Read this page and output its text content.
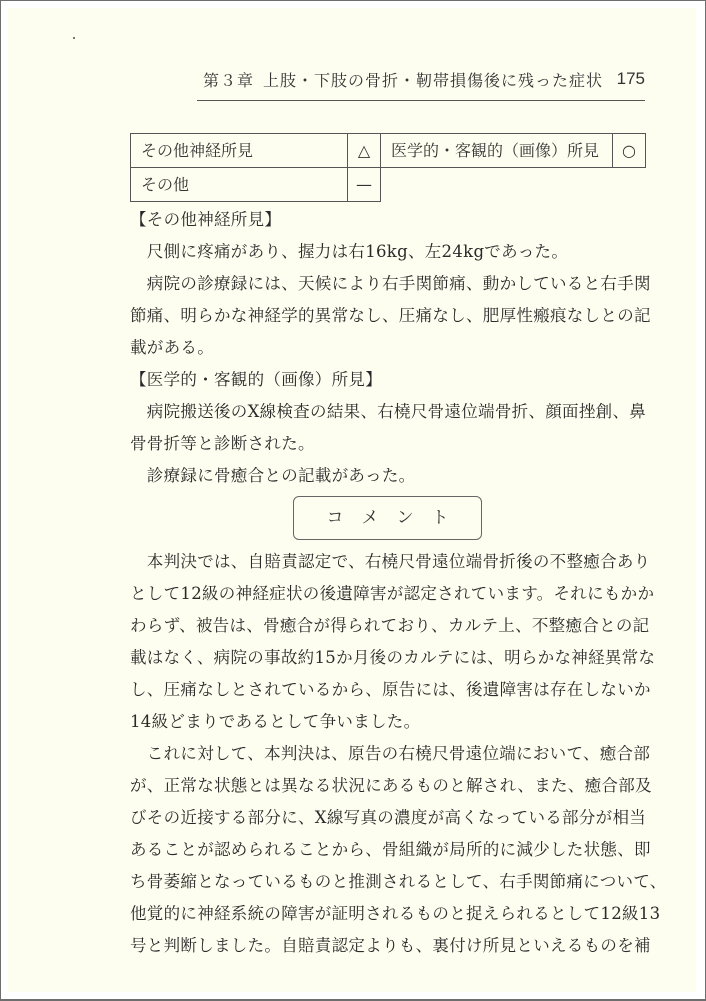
第３章 上肢・下肢の骨折・靭帯損傷後に残った症状 175
その他神経所見	△	医学的・客観的（画像）所見	○
その他	—
【その他神経所見】
　尺側に疼痛があり、握力は右16kg、左24kgであった。
　病院の診療録には、天候により右手関節痛、動かしていると右手関
節痛、明らかな神経学的異常なし、圧痛なし、肥厚性瘢痕なしとの記
載がある。
【医学的・客観的（画像）所見】
　病院搬送後のX線検査の結果、右橈尺骨遠位端骨折、顔面挫創、鼻
骨骨折等と診断された。
　診療録に骨癒合との記載があった。
コメント
　本判決では、自賠責認定で、右橈尺骨遠位端骨折後の不整癒合あり
として12級の神経症状の後遺障害が認定されています。それにもかか
わらず、被告は、骨癒合が得られており、カルテ上、不整癒合との記
載はなく、病院の事故約15か月後のカルテには、明らかな神経異常な
し、圧痛なしとされているから、原告には、後遺障害は存在しないか
14級どまりであるとして争いました。
　これに対して、本判決は、原告の右橈尺骨遠位端において、癒合部
が、正常な状態とは異なる状況にあるものと解され、また、癒合部及
びその近接する部分に、X線写真の濃度が高くなっている部分が相当
あることが認められることから、骨組織が局所的に減少した状態、即
ち骨萎縮となっているものと推測されるとして、右手関節痛について、
他覚的に神経系統の障害が証明されるものと捉えられるとして12級13
号と判断しました。自賠責認定よりも、裏付け所見といえるものを補
